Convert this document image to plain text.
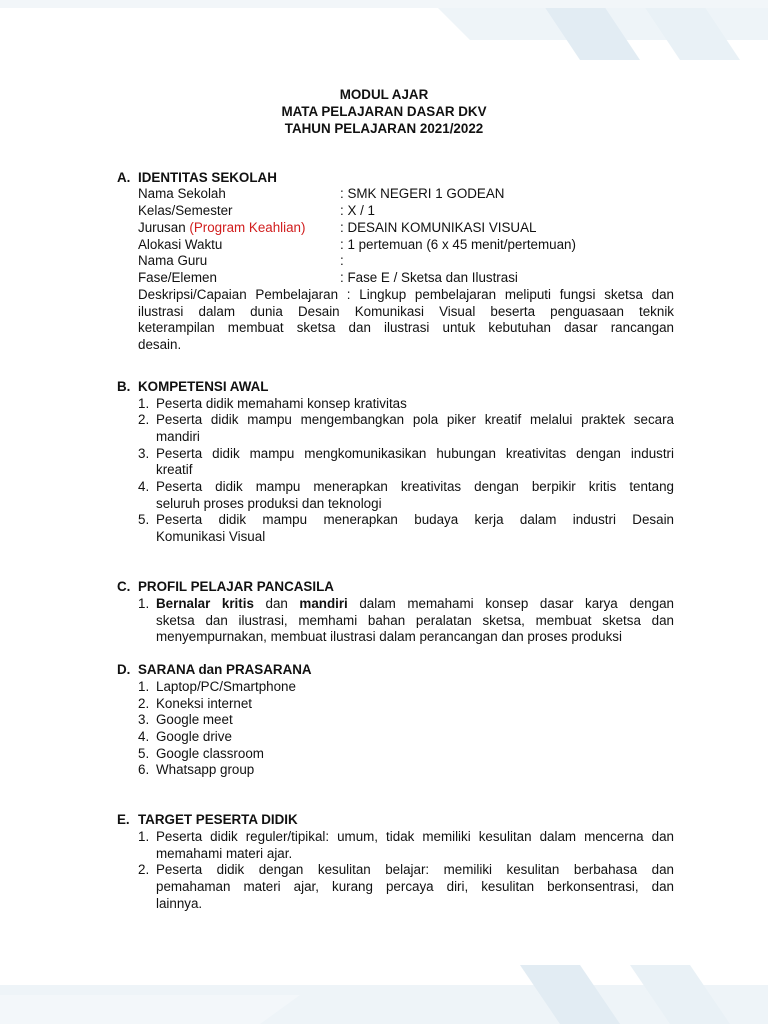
MODUL AJAR
MATA PELAJARAN DASAR DKV
TAHUN PELAJARAN 2021/2022
A. IDENTITAS SEKOLAH
Nama Sekolah	: SMK NEGERI 1 GODEAN
Kelas/Semester	: X / 1
Jurusan (Program Keahlian)	: DESAIN KOMUNIKASI VISUAL
Alokasi Waktu	: 1 pertemuan (6 x 45 menit/pertemuan)
Nama Guru	:
Fase/Elemen	: Fase E / Sketsa dan Ilustrasi
Deskripsi/Capaian Pembelajaran : Lingkup pembelajaran meliputi fungsi sketsa dan
ilustrasi dalam dunia Desain Komunikasi Visual beserta penguasaan teknik
keterampilan membuat sketsa dan ilustrasi untuk kebutuhan dasar rancangan
desain.
B. KOMPETENSI AWAL
1. Peserta didik memahami konsep krativitas
2. Peserta didik mampu mengembangkan pola piker kreatif melalui praktek secara
mandiri
3. Peserta didik mampu mengkomunikasikan hubungan kreativitas dengan industri
kreatif
4. Peserta didik mampu menerapkan kreativitas dengan berpikir kritis tentang
seluruh proses produksi dan teknologi
5. Peserta didik mampu menerapkan budaya kerja dalam industri Desain
Komunikasi Visual
C. PROFIL PELAJAR PANCASILA
1. Bernalar kritis dan mandiri dalam memahami konsep dasar karya dengan
sketsa dan ilustrasi, memhami bahan peralatan sketsa, membuat sketsa dan
menyempurnakan, membuat ilustrasi dalam perancangan dan proses produksi
D. SARANA dan PRASARANA
1. Laptop/PC/Smartphone
2. Koneksi internet
3. Google meet
4. Google drive
5. Google classroom
6. Whatsapp group
E. TARGET PESERTA DIDIK
1. Peserta didik reguler/tipikal: umum, tidak memiliki kesulitan dalam mencerna dan
memahami materi ajar.
2. Peserta didik dengan kesulitan belajar: memiliki kesulitan berbahasa dan
pemahaman materi ajar, kurang percaya diri, kesulitan berkonsentrasi, dan
lainnya.
